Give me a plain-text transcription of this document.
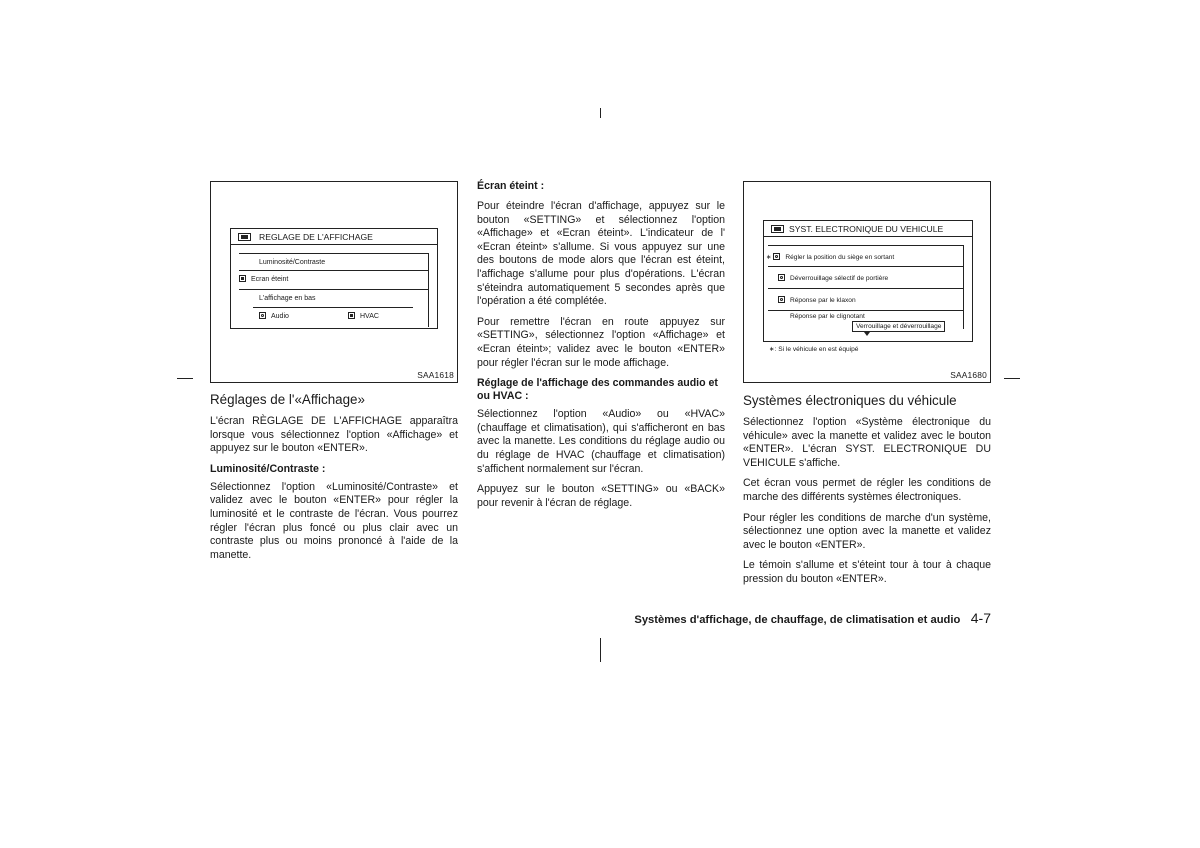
REGLAGE DE L'AFFICHAGE
Luminosité/Contraste
Ecran éteint
L'affichage en bas
Audio	HVAC
SAA1618
Réglages de l'«Affichage»

L'écran RÈGLAGE DE L'AFFICHAGE apparaîtra lorsque vous sélectionnez l'option «Affichage» et appuyez sur le bouton «ENTER».

Luminosité/Contraste :

Sélectionnez l'option «Luminosité/Contraste» et validez avec le bouton «ENTER» pour régler la luminosité et le contraste de l'écran. Vous pourrez régler l'écran plus foncé ou plus clair avec un contraste plus ou moins prononcé à l'aide de la manette.

Écran éteint :

Pour éteindre l'écran d'affichage, appuyez sur le bouton «SETTING» et sélectionnez l'option «Affichage» et «Ecran éteint». L'indicateur de l' «Ecran éteint» s'allume. Si vous appuyez sur une des boutons de mode alors que l'écran est éteint, l'affichage s'allume pour plus d'opérations. L'écran s'éteindra automatiquement 5 secondes après que l'opération a été complétée.

Pour remettre l'écran en route appuyez sur «SETTING», sélectionnez l'option «Affichage» et «Ecran éteint»; validez avec le bouton «ENTER» pour régler l'écran sur le mode affichage.

Réglage de l'affichage des commandes audio et ou HVAC :

Sélectionnez l'option «Audio» ou «HVAC» (chauffage et climatisation), qui s'afficheront en bas avec la manette. Les conditions du réglage audio ou du réglage de HVAC (chauffage et climatisation) s'affichent normalement sur l'écran.

Appuyez sur le bouton «SETTING» ou «BACK» pour revenir à l'écran de réglage.

SYST. ELECTRONIQUE DU VEHICULE
∗ Régler la position du siège en sortant
Déverrouillage sélectif de portière
Réponse par le klaxon
Réponse par le clignotant
Verrouillage et déverrouillage
∗: Si le véhicule en est équipé
SAA1680
Systèmes électroniques du véhicule

Sélectionnez l'option «Système électronique du véhicule» avec la manette et validez avec le bouton «ENTER». L'écran SYST. ELECTRONIQUE DU VEHICULE s'affiche.

Cet écran vous permet de régler les conditions de marche des différents systèmes électroniques.

Pour régler les conditions de marche d'un système, sélectionnez une option avec la manette et validez avec le bouton «ENTER».

Le témoin s'allume et s'éteint tour à tour à chaque pression du bouton «ENTER».

Systèmes d'affichage, de chauffage, de climatisation et audio 4-7
